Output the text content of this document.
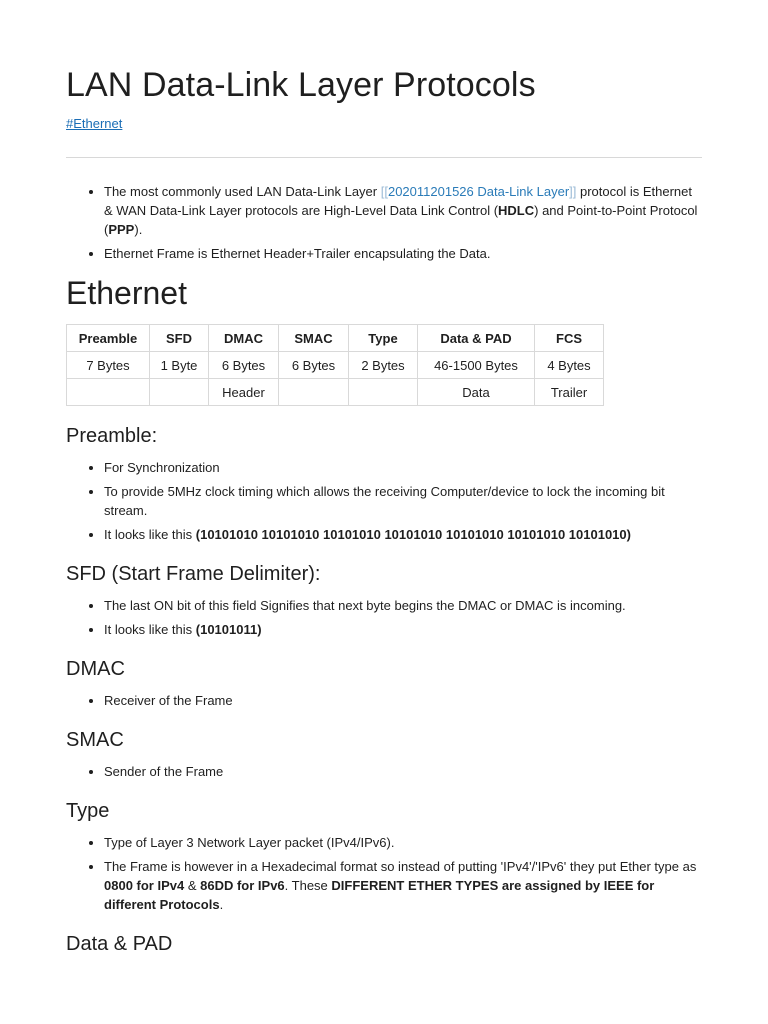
LAN Data-Link Layer Protocols
#Ethernet
• The most commonly used LAN Data-Link Layer [[202011201526 Data-Link Layer]] protocol is Ethernet & WAN Data-Link Layer protocols are High-Level Data Link Control (HDLC) and Point-to-Point Protocol (PPP).
• Ethernet Frame is Ethernet Header+Trailer encapsulating the Data.
Ethernet
Preamble	SFD	DMAC	SMAC	Type	Data & PAD	FCS
7 Bytes	1 Byte	6 Bytes	6 Bytes	2 Bytes	46-1500 Bytes	4 Bytes
		Header			Data	Trailer
Preamble:
• For Synchronization
• To provide 5MHz clock timing which allows the receiving Computer/device to lock the incoming bit stream.
• It looks like this (10101010 10101010 10101010 10101010 10101010 10101010 10101010)
SFD (Start Frame Delimiter):
• The last ON bit of this field Signifies that next byte begins the DMAC or DMAC is incoming.
• It looks like this (10101011)
DMAC
• Receiver of the Frame
SMAC
• Sender of the Frame
Type
• Type of Layer 3 Network Layer packet (IPv4/IPv6).
• The Frame is however in a Hexadecimal format so instead of putting 'IPv4'/'IPv6' they put Ether type as 0800 for IPv4 & 86DD for IPv6. These DIFFERENT ETHER TYPES are assigned by IEEE for different Protocols.
Data & PAD
